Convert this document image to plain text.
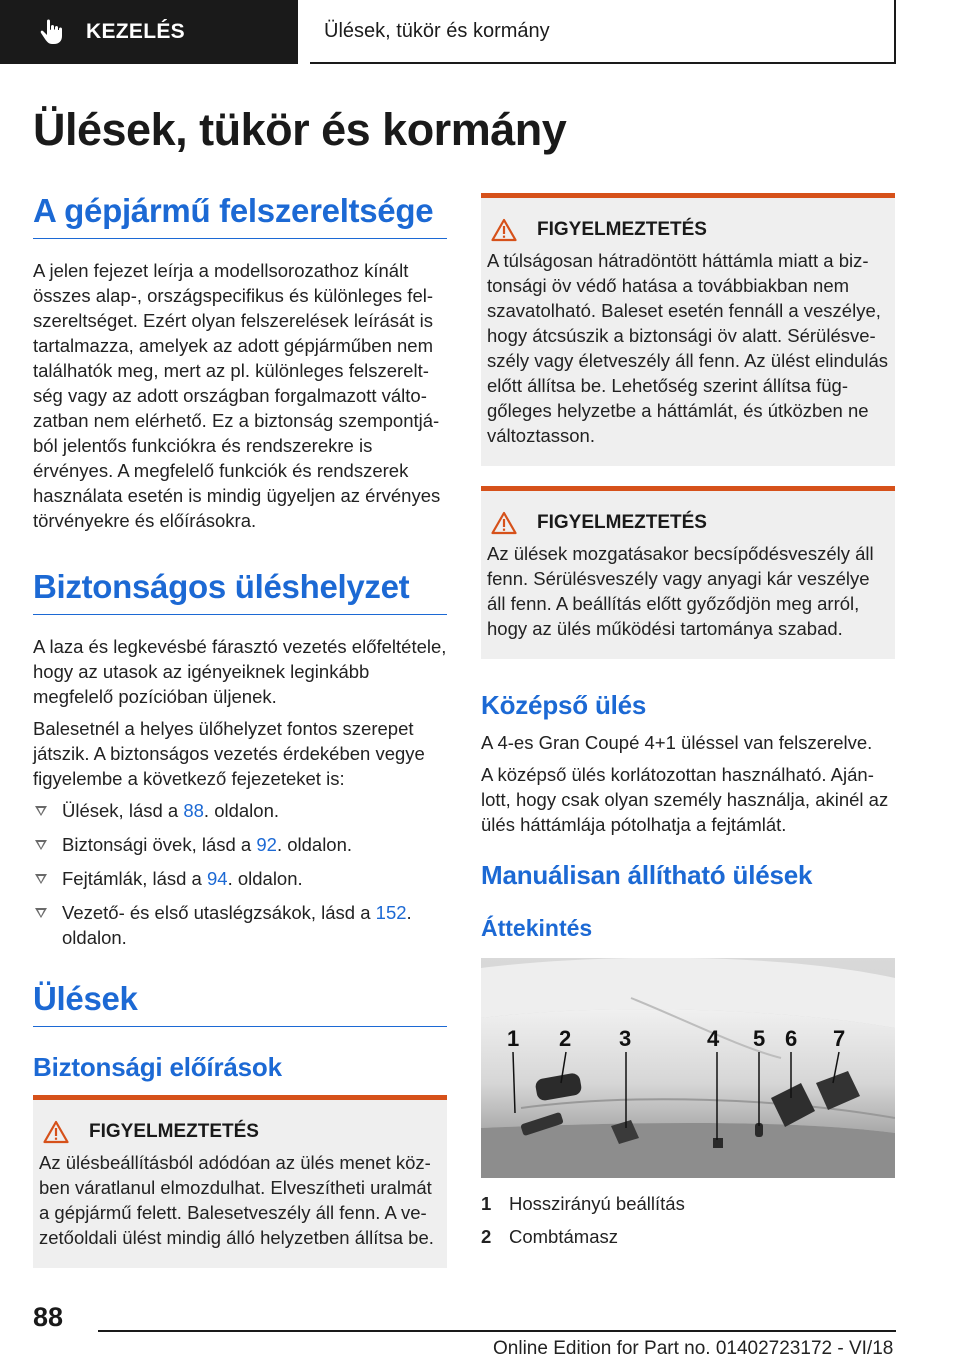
KEZELÉS	Ülések, tükör és kormány
Ülések, tükör és kormány
A gépjármű felszereltsége

A jelen fejezet leírja a modellsorozathoz kínált összes alap-, országspecifikus és különleges felszereltséget. Ezért olyan felszerelések leírását is tartalmazza, amelyek az adott gépjárműben nem találhatók meg, mert az pl. különleges felszereltség vagy az adott országban forgalmazott változatban nem elérhető. Ez a biztonság szempontjából jelentős funkciókra és rendszerekre is érvényes. A megfelelő funkciók és rendszerek használata esetén is mindig ügyeljen az érvényes törvényekre és előírásokra.

Biztonságos üléshelyzet

A laza és legkevésbé fárasztó vezetés előfeltétele, hogy az utasok az igényeiknek leginkább megfelelő pozícióban üljenek.

Balesetnél a helyes ülőhelyzet fontos szerepet játszik. A biztonságos vezetés érdekében vegye figyelembe a következő fejezeteket is:

Ülések, lásd a 88. oldalon.
Biztonsági övek, lásd a 92. oldalon.
Fejtámlák, lásd a 94. oldalon.
Vezető- és első utaslégzsákok, lásd a 152. oldalon.
Ülések
Biztonsági előírások
FIGYELMEZTETÉS
Az ülésbeállításból adódóan az ülés menet közben váratlanul elmozdulhat. Elveszítheti uralmát a gépjármű felett. Balesetveszély áll fenn. A vezetőoldali ülést mindig álló helyzetben állítsa be.
FIGYELMEZTETÉS
A túlságosan hátradöntött háttámla miatt a biztonsági öv védő hatása a továbbiakban nem szavatolható. Baleset esetén fennáll a veszélye, hogy átcsúszik a biztonsági öv alatt. Sérülésveszély vagy életveszély áll fenn. Az ülést elindulás előtt állítsa be. Lehetőség szerint állítsa függőleges helyzetbe a háttámlát, és útközben ne változtasson.
FIGYELMEZTETÉS
Az ülések mozgatásakor becsípődésveszély áll fenn. Sérülésveszély vagy anyagi kár veszélye áll fenn. A beállítás előtt győződjön meg arról, hogy az ülés működési tartománya szabad.
Középső ülés

A 4-es Gran Coupé 4+1 üléssel van felszerelve.

A középső ülés korlátozottan használható. Ajánlott, hogy csak olyan személy használja, akinél az ülés háttámlája pótolhatja a fejtámlát.

Manuálisan állítható ülések
Áttekintés
1 2 3	4 5 6 7
1 Hosszirányú beállítás
2 Combtámasz
88
Online Edition for Part no. 01402723172 - VI/18
